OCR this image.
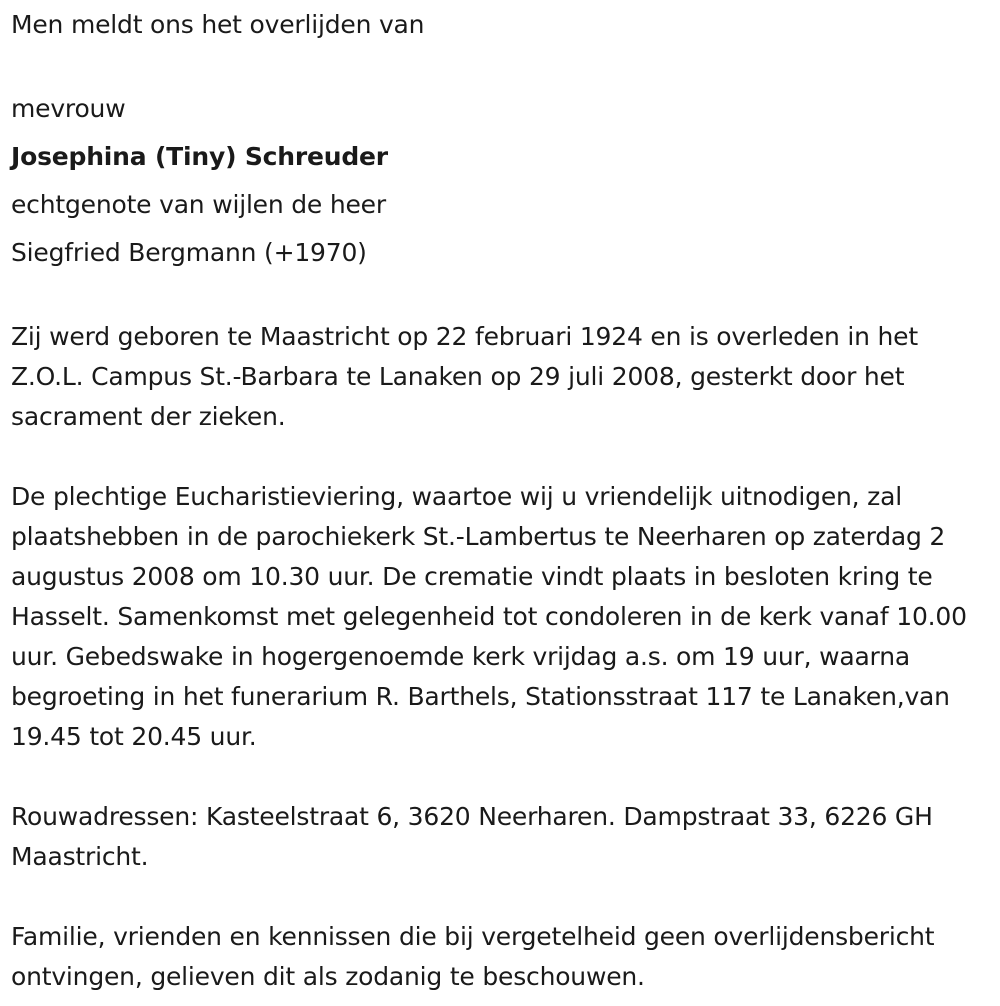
Men meldt ons het overlijden van
mevrouw
Josephina (Tiny) Schreuder
echtgenote van wijlen de heer
Siegfried Bergmann (+1970)
Zij werd geboren te Maastricht op 22 februari 1924 en is overleden in het Z.O.L. Campus St.-Barbara te Lanaken op 29 juli 2008, gesterkt door het sacrament der zieken.
De plechtige Eucharistieviering, waartoe wij u vriendelijk uitnodigen, zal plaatshebben in de parochiekerk St.-Lambertus te Neerharen op zaterdag 2 augustus 2008 om 10.30 uur. De crematie vindt plaats in besloten kring te Hasselt. Samenkomst met gelegenheid tot condoleren in de kerk vanaf 10.00 uur. Gebedswake in hogergenoemde kerk vrijdag a.s. om 19 uur, waarna begroeting in het funerarium R. Barthels, Stationsstraat 117 te Lanaken,van 19.45 tot 20.45 uur.
Rouwadressen: Kasteelstraat 6, 3620 Neerharen. Dampstraat 33, 6226 GH Maastricht.
Familie, vrienden en kennissen die bij vergetelheid geen overlijdensbericht ontvingen, gelieven dit als zodanig te beschouwen.
